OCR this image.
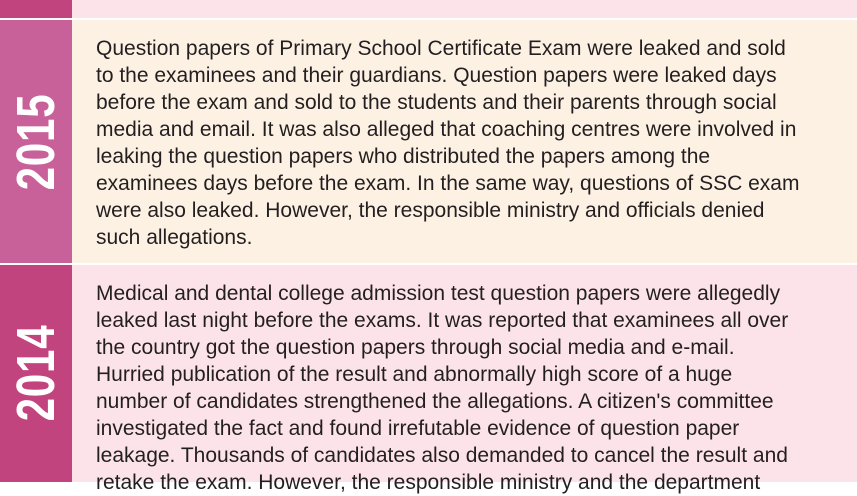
2015

Question papers of Primary School Certificate Exam were leaked and sold
to the examinees and their guardians. Question papers were leaked days
before the exam and sold to the students and their parents through social
media and email. It was also alleged that coaching centres were involved in
leaking the question papers who distributed the papers among the
examinees days before the exam. In the same way, questions of SSC exam
were also leaked. However, the responsible ministry and officials denied
such allegations.

2014

Medical and dental college admission test question papers were allegedly
leaked last night before the exams. It was reported that examinees all over
the country got the question papers through social media and e-mail.
Hurried publication of the result and abnormally high score of a huge
number of candidates strengthened the allegations. A citizen's committee
investigated the fact and found irrefutable evidence of question paper
leakage. Thousands of candidates also demanded to cancel the result and
retake the exam. However, the responsible ministry and the department
